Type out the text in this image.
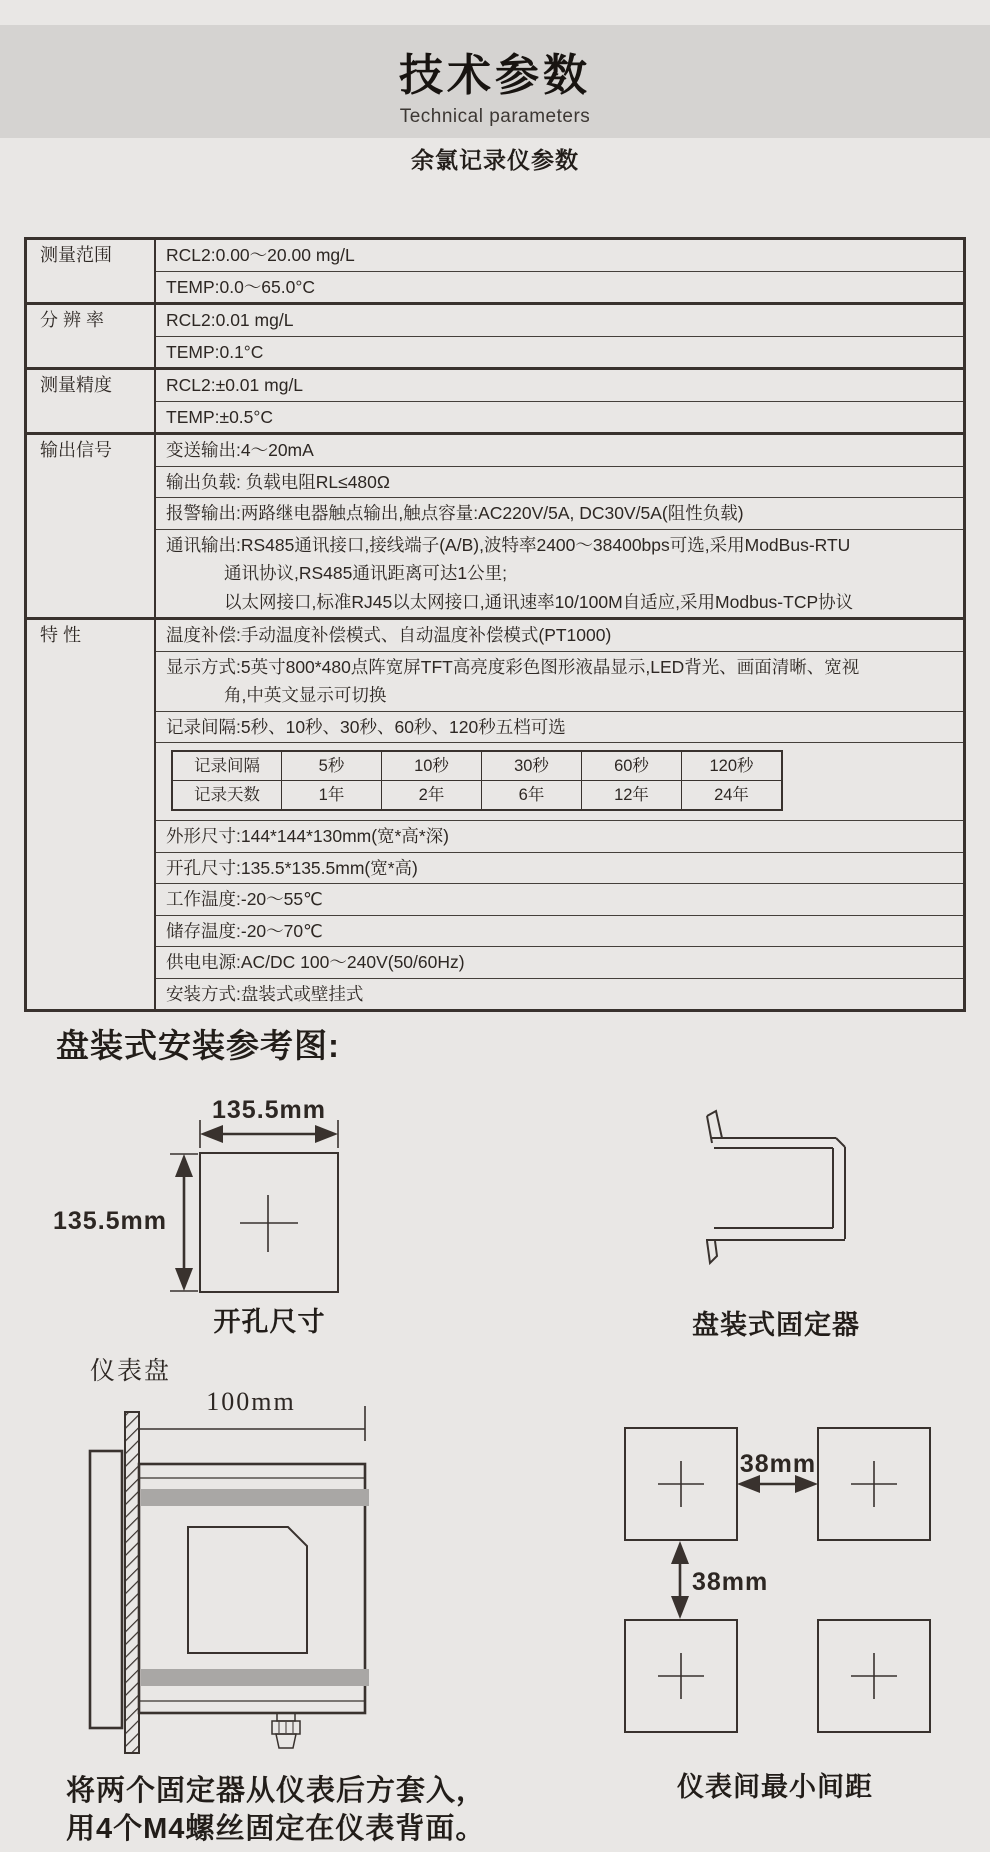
技术参数
Technical parameters
余氯记录仪参数
测量范围	RCL2:0.00～20.00 mg/L

TEMP:0.0～65.0°C

分 辨 率	RCL2:0.01 mg/L

TEMP:0.1°C

测量精度	RCL2:±0.01 mg/L

TEMP:±0.5°C

输出信号	变送输出:4～20mA

输出负载: 负载电阻RL≤480Ω

报警输出:两路继电器触点输出,触点容量:AC220V/5A, DC30V/5A(阻性负载)

通讯输出:RS485通讯接口,接线端子(A/B),波特率2400～38400bps可选,采用ModBus-RTU
通讯协议,RS485通讯距离可达1公里;
以太网接口,标准RJ45以太网接口,通讯速率10/100M自适应,采用Modbus-TCP协议

特 性	温度补偿:手动温度补偿模式、自动温度补偿模式(PT1000)

显示方式:5英寸800*480点阵宽屏TFT高亮度彩色图形液晶显示,LED背光、画面清晰、宽视
角,中英文显示可切换

记录间隔:5秒、10秒、30秒、60秒、120秒五档可选

记录间隔	5秒	10秒	30秒	60秒	120秒
记录天数	1年	2年	6年	12年	24年

外形尺寸:144*144*130mm(宽*高*深)

开孔尺寸:135.5*135.5mm(宽*高)

工作温度:-20～55℃

储存温度:-20～70℃

供电电源:AC/DC 100～240V(50/60Hz)

安装方式:盘装式或壁挂式
盘装式安装参考图:
135.5mm
135.5mm
开孔尺寸	盘装式固定器
仪表盘
100mm
38mm
38mm
仪表间最小间距
将两个固定器从仪表后方套入，
用4个M4螺丝固定在仪表背面。
